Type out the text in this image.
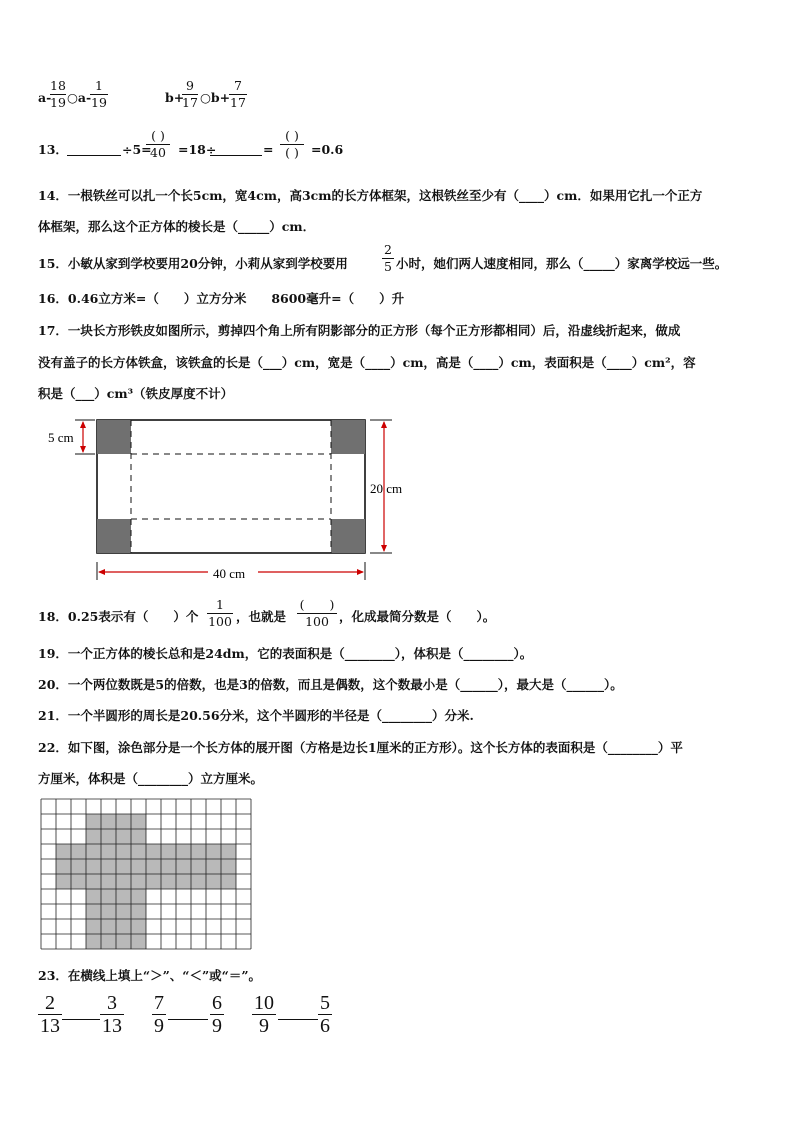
a-
18
19 ○a-
1
19	b+
9
17 ○b+
7
17
13．	÷5=
( )
40 =18÷	=
( )
( ) =0.6
14．一根铁丝可以扎一个长5cm，宽4cm，高3cm的长方体框架，这根铁丝至少有（____）cm．如果用它扎一个正方
体框架，那么这个正方体的棱长是（_____）cm．
15．小敏从家到学校要用20分钟，小莉从家到学校要用
2
5 小时，她们两人速度相同，那么（_____）家离学校远一些。
16．0.46立方米=（　　）立方分米　　8600毫升=（　　）升
17．一块长方形铁皮如图所示，剪掉四个角上所有阴影部分的正方形（每个正方形都相同）后，沿虚线折起来，做成
没有盖子的长方体铁盒，该铁盒的长是（___）cm，宽是（____）cm，高是（____）cm，表面积是（____）cm²，容
积是（___）cm³（铁皮厚度不计）
5 cm
20 cm
40 cm
18．0.25表示有（　　）个
1
100 ，也就是
(　　)
100 ，化成最简分数是（　　）。
19．一个正方体的棱长总和是24dm，它的表面积是（________），体积是（________）。
20．一个两位数既是5的倍数，也是3的倍数，而且是偶数，这个数最小是（______），最大是（______）。
21．一个半圆形的周长是20.56分米，这个半圆形的半径是（________）分米.
22．如下图，涂色部分是一个长方体的展开图（方格是边长1厘米的正方形）。这个长方体的表面积是（________）平
方厘米，体积是（________）立方厘米。
23．在横线上填上“＞”、“＜”或“＝”。
2
13
3
13
7
9
6
9
10
9
5
6
